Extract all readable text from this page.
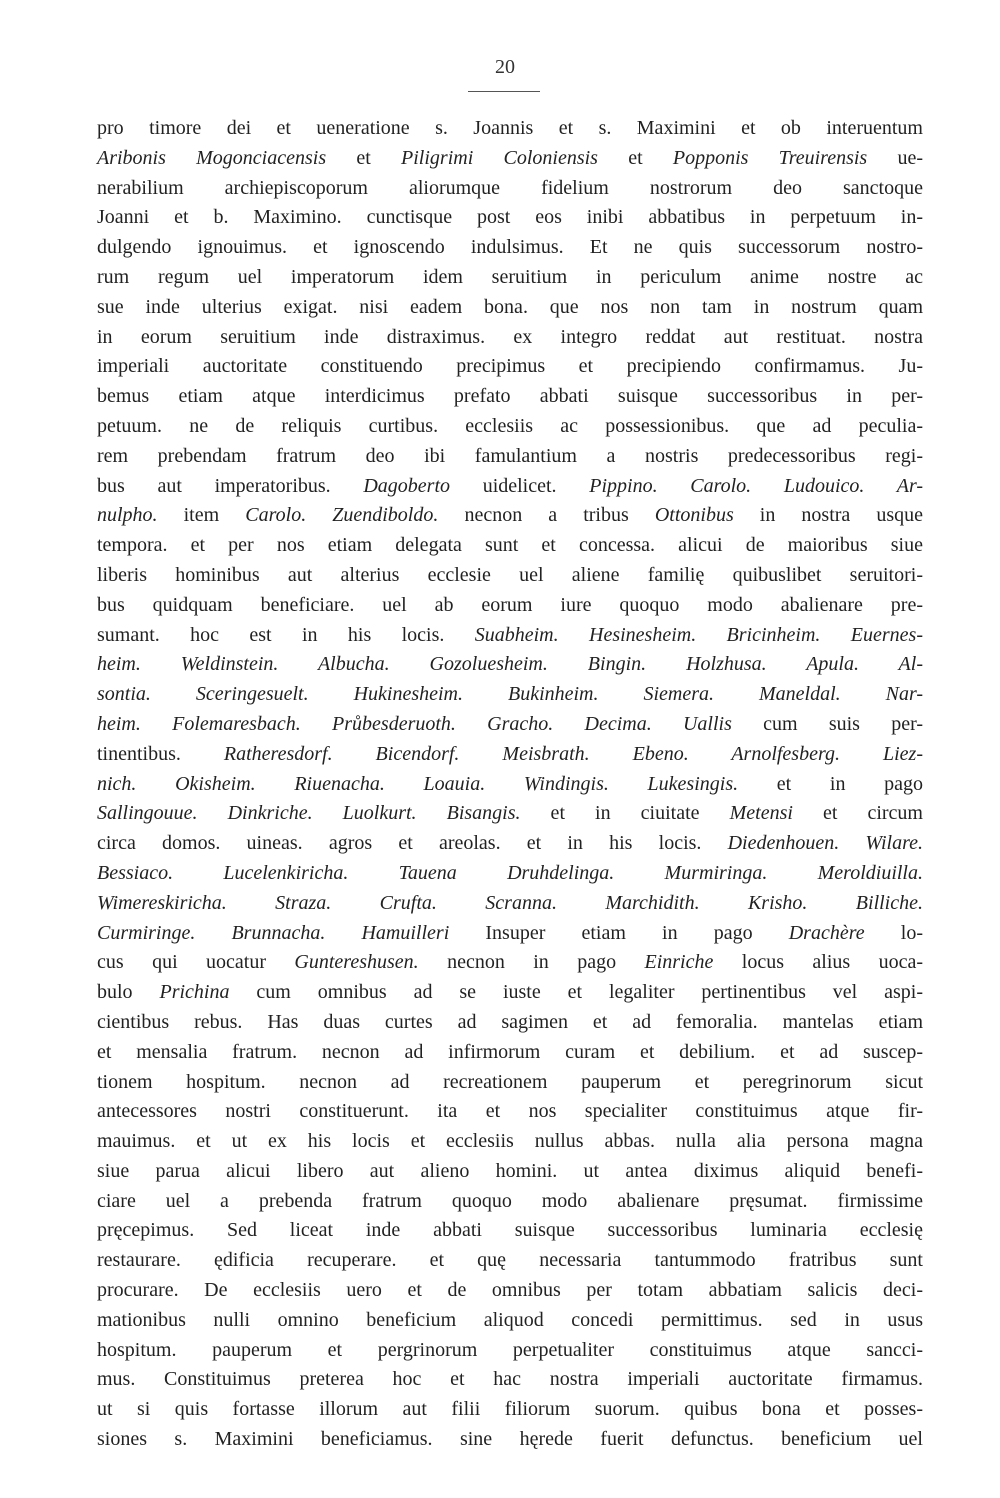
20
pro timore dei et ueneratione s. Joannis et s. Maximini et ob interuentum
Aribonis Mogonciacensis et Piligrimi Coloniensis et Popponis Treuirensis ue-
nerabilium archiepiscoporum aliorumque fidelium nostrorum deo sanctoque
Joanni et b. Maximino. cunctisque post eos inibi abbatibus in perpetuum in-
dulgendo ignouimus. et ignoscendo indulsimus. Et ne quis successorum nostro-
rum regum uel imperatorum idem seruitium in periculum anime nostre ac
sue inde ulterius exigat. nisi eadem bona. que nos non tam in nostrum quam
in eorum seruitium inde distraximus. ex integro reddat aut restituat. nostra
imperiali auctoritate constituendo precipimus et precipiendo confirmamus. Ju-
bemus etiam atque interdicimus prefato abbati suisque successoribus in per-
petuum. ne de reliquis curtibus. ecclesiis ac possessionibus. que ad peculia-
rem prebendam fratrum deo ibi famulantium a nostris predecessoribus regi-
bus aut imperatoribus. Dagoberto uidelicet. Pippino. Carolo. Ludouico. Ar-
nulpho. item Carolo. Zuendiboldo. necnon a tribus Ottonibus in nostra usque
tempora. et per nos etiam delegata sunt et concessa. alicui de maioribus siue
liberis hominibus aut alterius ecclesie uel aliene familię quibuslibet seruitori-
bus quidquam beneficiare. uel ab eorum iure quoquo modo abalienare pre-
sumant. hoc est in his locis. Suabheim. Hesinesheim. Bricinheim. Euernes-
heim. Weldinstein. Albucha. Gozoluesheim. Bingin. Holzhusa. Apula. Al-
sontia. Sceringesuelt. Hukinesheim. Bukinheim. Siemera. Maneldal. Nar-
heim. Folemaresbach. Průbesderuoth. Gracho. Decima. Uallis cum suis per-
tinentibus. Ratheresdorf. Bicendorf. Meisbrath. Ebeno. Arnolfesberg. Liez-
nich. Okisheim. Riuenacha. Loauia. Windingis. Lukesingis. et in pago
Sallingouue. Dinkriche. Luolkurt. Bisangis. et in ciuitate Metensi et circum
circa domos. uineas. agros et areolas. et in his locis. Diedenhouen. Wilare.
Bessiaco. Lucelenkiricha. Tauena Druhdelinga. Murmiringa. Meroldiuilla.
Wimereskiricha. Straza. Crufta. Scranna. Marchidith. Krisho. Billiche.
Curmiringe. Brunnacha. Hamuilleri Insuper etiam in pago Drachère lo-
cus qui uocatur Guntereshusen. necnon in pago Einriche locus alius uoca-
bulo Prichina cum omnibus ad se iuste et legaliter pertinentibus vel aspi-
cientibus rebus. Has duas curtes ad sagimen et ad femoralia. mantelas etiam
et mensalia fratrum. necnon ad infirmorum curam et debilium. et ad suscep-
tionem hospitum. necnon ad recreationem pauperum et peregrinorum sicut
antecessores nostri constituerunt. ita et nos specialiter constituimus atque fir-
mauimus. et ut ex his locis et ecclesiis nullus abbas. nulla alia persona magna
siue parua alicui libero aut alieno homini. ut antea diximus aliquid benefi-
ciare uel a prebenda fratrum quoquo modo abalienare pręsumat. firmissime
pręcepimus. Sed liceat inde abbati suisque successoribus luminaria ecclesię
restaurare. ędificia recuperare. et quę necessaria tantummodo fratribus sunt
procurare. De ecclesiis uero et de omnibus per totam abbatiam salicis deci-
mationibus nulli omnino beneficium aliquod concedi permittimus. sed in usus
hospitum. pauperum et pergrinorum perpetualiter constituimus atque sancci-
mus. Constituimus preterea hoc et hac nostra imperiali auctoritate firmamus.
ut si quis fortasse illorum aut filii filiorum suorum. quibus bona et posses-
siones s. Maximini beneficiamus. sine hęrede fuerit defunctus. beneficium uel
